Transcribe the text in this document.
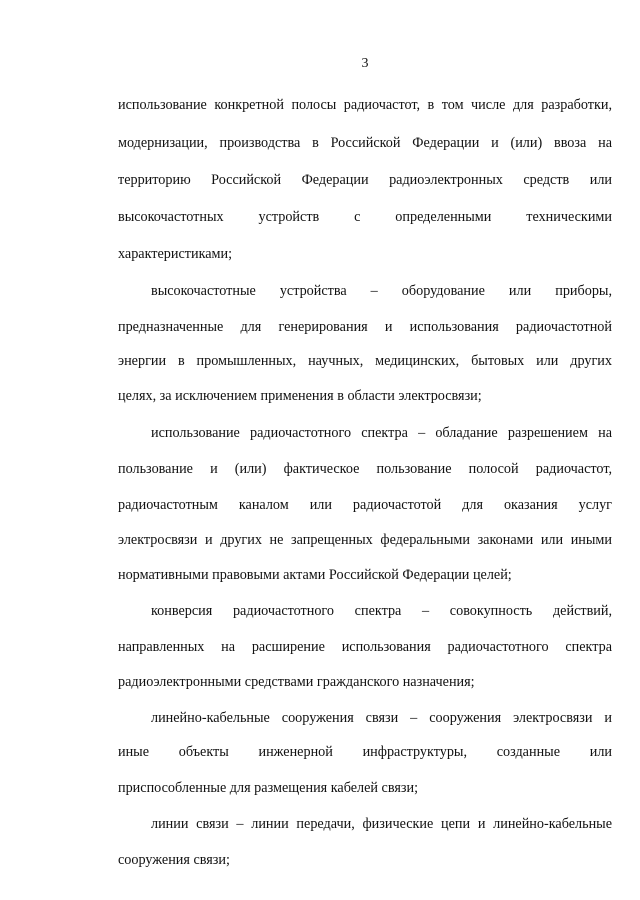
3
использование конкретной полосы радиочастот, в том числе для разработки,
модернизации, производства в Российской Федерации и (или) ввоза на
территорию Российской Федерации радиоэлектронных средств или
высокочастотных устройств с определенными техническими
характеристиками;
высокочастотные устройства – оборудование или приборы,
предназначенные для генерирования и использования радиочастотной
энергии в промышленных, научных, медицинских, бытовых или других
целях, за исключением применения в области электросвязи;
использование радиочастотного спектра – обладание разрешением на
пользование и (или) фактическое пользование полосой радиочастот,
радиочастотным каналом или радиочастотой для оказания услуг
электросвязи и других не запрещенных федеральными законами или иными
нормативными правовыми актами Российской Федерации целей;
конверсия радиочастотного спектра – совокупность действий,
направленных на расширение использования радиочастотного спектра
радиоэлектронными средствами гражданского назначения;
линейно-кабельные сооружения связи – сооружения электросвязи и
иные объекты инженерной инфраструктуры, созданные или
приспособленные для размещения кабелей связи;
линии связи – линии передачи, физические цепи и линейно-кабельные
сооружения связи;
